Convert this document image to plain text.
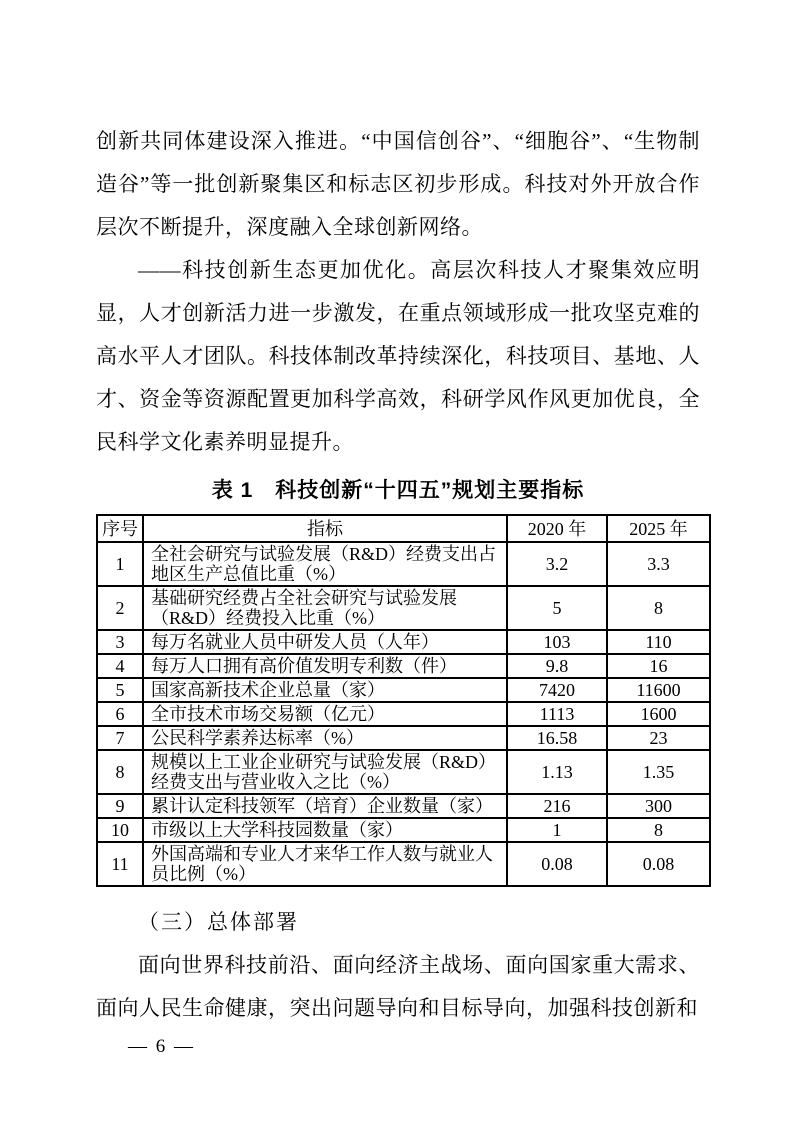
创新共同体建设深入推进。“中国信创谷”、“细胞谷”、“生物制造谷”等一批创新聚集区和标志区初步形成。科技对外开放合作层次不断提升，深度融入全球创新网络。

——科技创新生态更加优化。高层次科技人才聚集效应明显，人才创新活力进一步激发，在重点领域形成一批攻坚克难的高水平人才团队。科技体制改革持续深化，科技项目、基地、人才、资金等资源配置更加科学高效，科研学风作风更加优良，全民科学文化素养明显提升。

表 1　科技创新“十四五”规划主要指标
序号	指标	2020 年	2025 年
1	全社会研究与试验发展（R&D）经费支出占地区生产总值比重（%）	3.2	3.3
2	基础研究经费占全社会研究与试验发展（R&D）经费投入比重（%）	5	8
3	每万名就业人员中研发人员（人年）	103	110
4	每万人口拥有高价值发明专利数（件）	9.8	16
5	国家高新技术企业总量（家）	7420	11600
6	全市技术市场交易额（亿元）	1113	1600
7	公民科学素养达标率（%）	16.58	23
8	规模以上工业企业研究与试验发展（R&D）经费支出与营业收入之比（%）	1.13	1.35
9	累计认定科技领军（培育）企业数量（家）	216	300
10	市级以上大学科技园数量（家）	1	8
11	外国高端和专业人才来华工作人数与就业人员比例（%）	0.08	0.08

（三）总体部署

面向世界科技前沿、面向经济主战场、面向国家重大需求、面向人民生命健康，突出问题导向和目标导向，加强科技创新和

— 6 —
